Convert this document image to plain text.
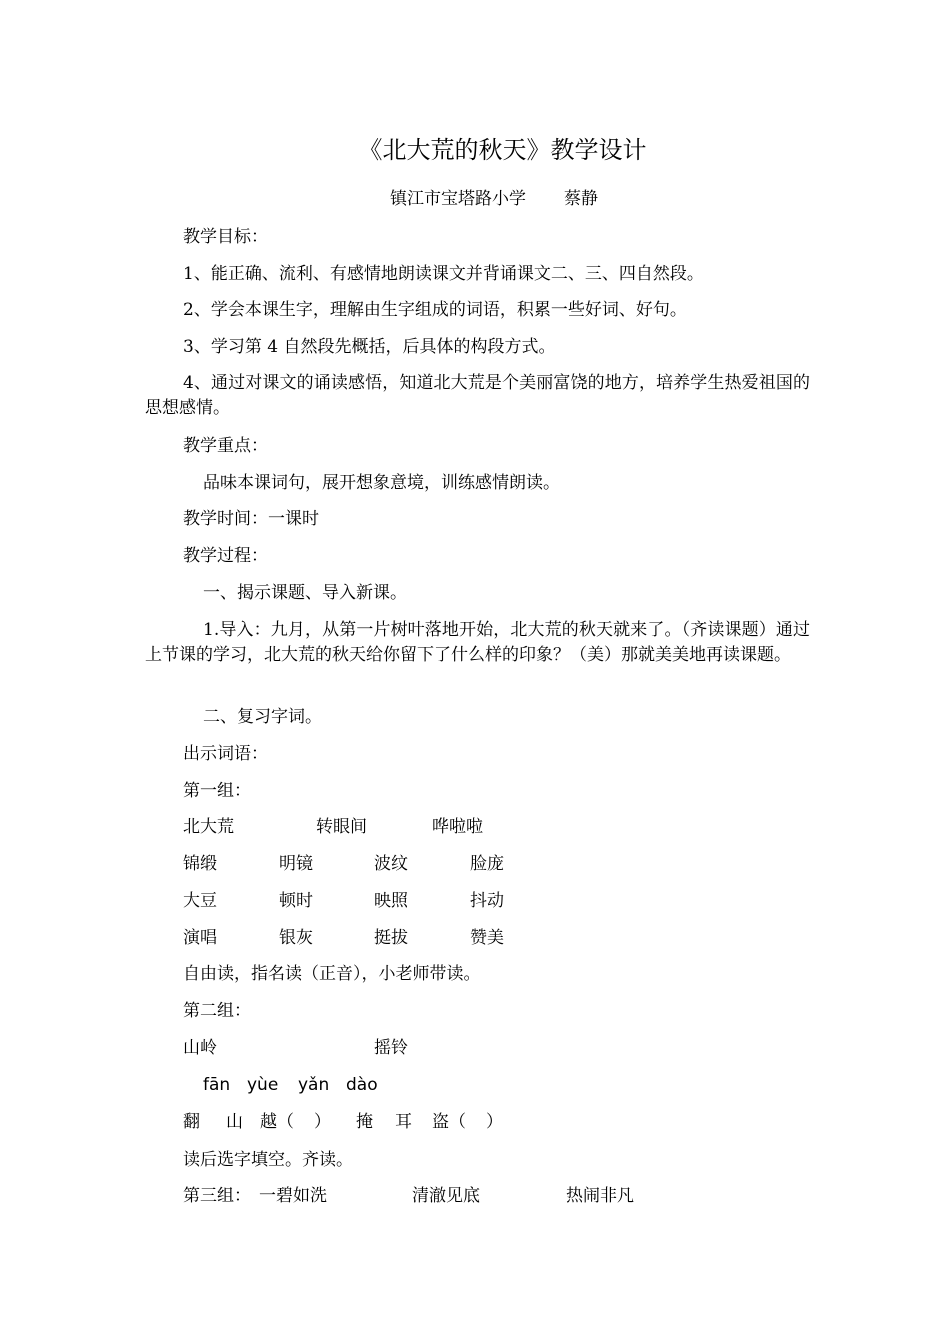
《北大荒的秋天》教学设计
镇江市宝塔路小学 蔡静
教学目标：
1、能正确、流利、有感情地朗读课文并背诵课文二、三、四自然段。
2、学会本课生字，理解由生字组成的词语，积累一些好词、好句。
3、学习第 4 自然段先概括，后具体的构段方式。
4、通过对课文的诵读感悟，知道北大荒是个美丽富饶的地方，培养学生热爱祖国的思想感情。
教学重点：
品味本课词句，展开想象意境，训练感情朗读。
教学时间：一课时
教学过程：
一、揭示课题、导入新课。
1.导入：九月，从第一片树叶落地开始，北大荒的秋天就来了。（齐读课题）通过上节课的学习，北大荒的秋天给你留下了什么样的印象？（美）那就美美地再读课题。
二、复习字词。
出示词语：
第一组：
北大荒	转眼间	哗啦啦
锦缎	明镜	波纹	脸庞
大豆	顿时	映照	抖动
演唱	银灰	挺拔	赞美
自由读，指名读（正音），小老师带读。
第二组：
山岭	摇铃
fān yùe yǎn dào
翻 山 越（ ） 掩 耳 盗（ ）
读后选字填空。齐读。
第三组： 一碧如洗	清澈见底	热闹非凡
